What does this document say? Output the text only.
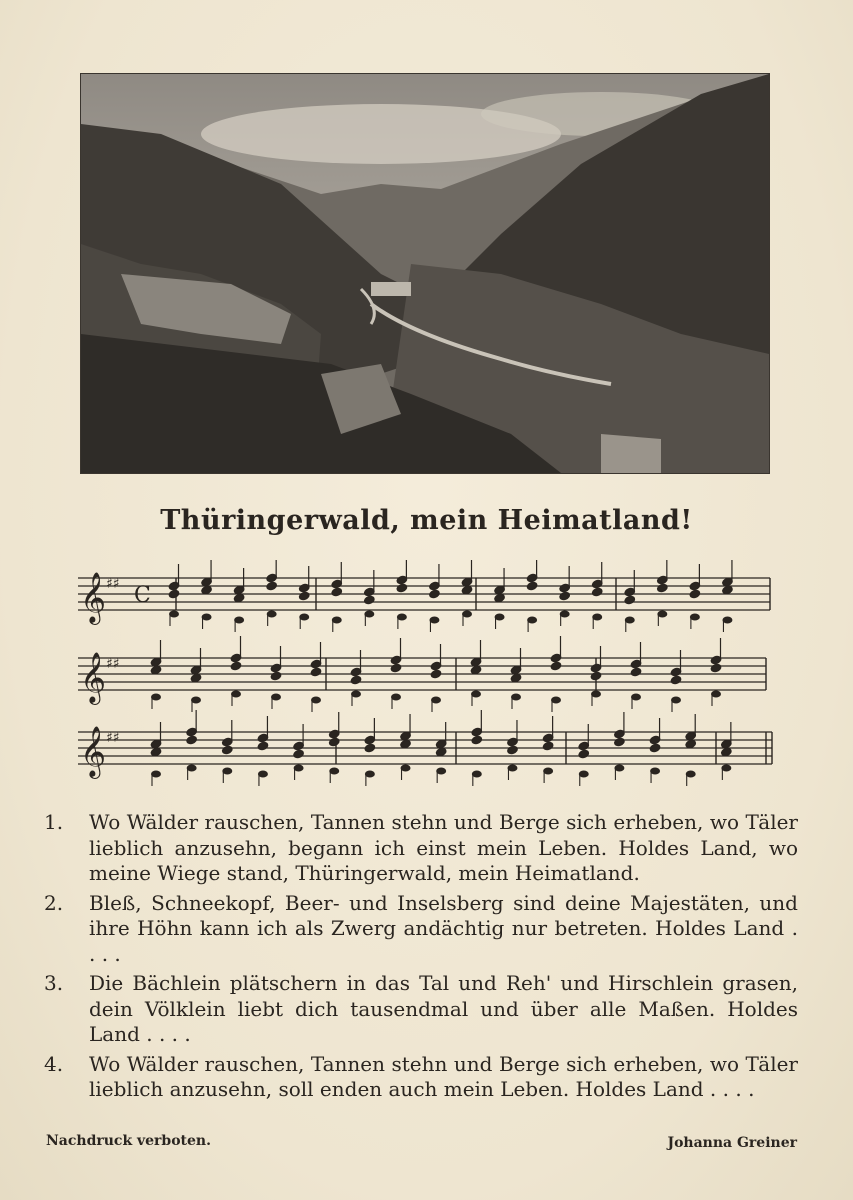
Thüringerwald, mein Heimatland!
𝄞
𝄞
𝄞
♯♯
♯♯
♯♯
C
1.	Wo Wälder rauschen, Tannen stehn und Berge sich erheben, wo Täler lieblich anzusehn, begann ich einst mein Leben. Holdes Land, wo meine Wiege stand, Thüringerwald, mein Heimatland.
2.	Bleß, Schneekopf, Beer- und Inselsberg sind deine Majestäten, und ihre Höhn kann ich als Zwerg andächtig nur betreten. Holdes Land . . . .
3.	Die Bächlein plätschern in das Tal und Reh' und Hirschlein grasen, dein Völklein liebt dich tausendmal und über alle Maßen. Holdes Land . . . .
4.	Wo Wälder rauschen, Tannen stehn und Berge sich erheben, wo Täler lieblich anzusehn, soll enden auch mein Leben. Holdes Land . . . .
Nachdruck verboten.	Johanna Greiner
